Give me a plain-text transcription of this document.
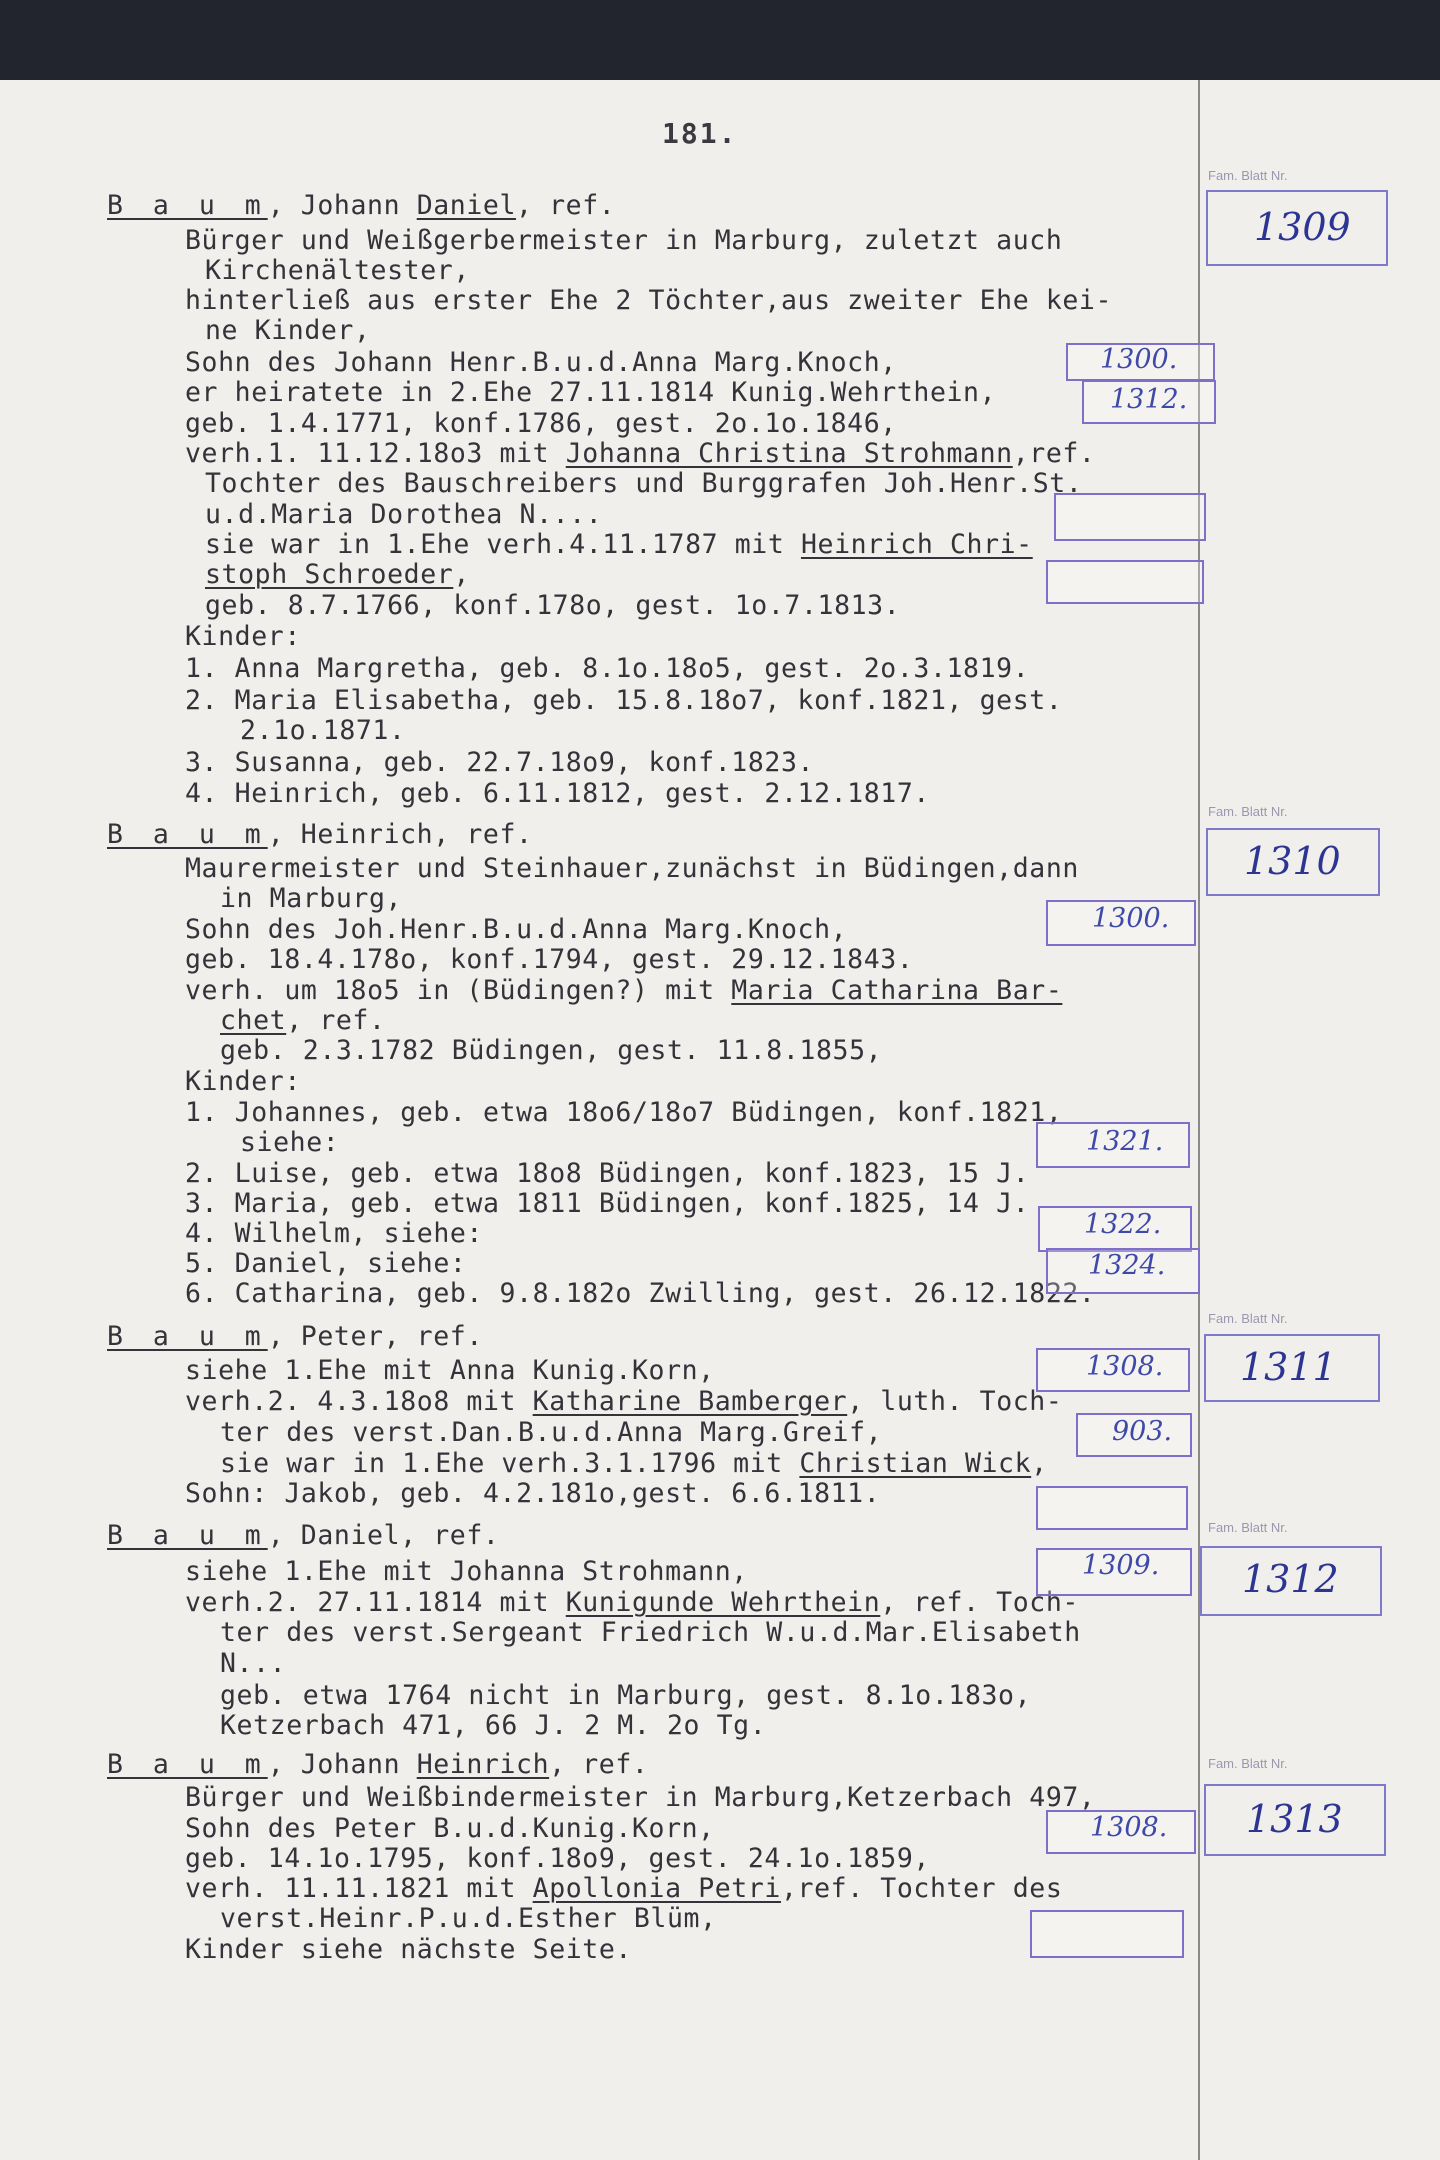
181.
B a u m, Johann Daniel, ref.
Bürger und Weißgerbermeister in Marburg, zuletzt auch
Kirchenältester,
hinterließ aus erster Ehe 2 Töchter,aus zweiter Ehe kei-
ne Kinder,
Sohn des Johann Henr.B.u.d.Anna Marg.Knoch,
er heiratete in 2.Ehe 27.11.1814 Kunig.Wehrthein,
geb. 1.4.1771, konf.1786, gest. 2o.1o.1846,
verh.1. 11.12.18o3 mit Johanna Christina Strohmann,ref.
Tochter des Bauschreibers und Burggrafen Joh.Henr.St.
u.d.Maria Dorothea N....
sie war in 1.Ehe verh.4.11.1787 mit Heinrich Chri-
stoph Schroeder,
geb. 8.7.1766, konf.178o, gest. 1o.7.1813.
Kinder:
1. Anna Margretha, geb. 8.1o.18o5, gest. 2o.3.1819.
2. Maria Elisabetha, geb. 15.8.18o7, konf.1821, gest.
2.1o.1871.
3. Susanna, geb. 22.7.18o9, konf.1823.
4. Heinrich, geb. 6.11.1812, gest. 2.12.1817.
B a u m, Heinrich, ref.
Maurermeister und Steinhauer,zunächst in Büdingen,dann
in Marburg,
Sohn des Joh.Henr.B.u.d.Anna Marg.Knoch,
geb. 18.4.178o, konf.1794, gest. 29.12.1843.
verh. um 18o5 in (Büdingen?) mit Maria Catharina Bar-
chet, ref.
geb. 2.3.1782 Büdingen, gest. 11.8.1855,
Kinder:
1. Johannes, geb. etwa 18o6/18o7 Büdingen, konf.1821,
siehe:
2. Luise, geb. etwa 18o8 Büdingen, konf.1823, 15 J.
3. Maria, geb. etwa 1811 Büdingen, konf.1825, 14 J.
4. Wilhelm, siehe:
5. Daniel, siehe:
6. Catharina, geb. 9.8.182o Zwilling, gest. 26.12.1822.
B a u m, Peter, ref.
siehe 1.Ehe mit Anna Kunig.Korn,
verh.2. 4.3.18o8 mit Katharine Bamberger, luth. Toch-
ter des verst.Dan.B.u.d.Anna Marg.Greif,
sie war in 1.Ehe verh.3.1.1796 mit Christian Wick,
Sohn: Jakob, geb. 4.2.181o,gest. 6.6.1811.
B a u m, Daniel, ref.
siehe 1.Ehe mit Johanna Strohmann,
verh.2. 27.11.1814 mit Kunigunde Wehrthein, ref. Toch-
ter des verst.Sergeant Friedrich W.u.d.Mar.Elisabeth
N...
geb. etwa 1764 nicht in Marburg, gest. 8.1o.183o,
Ketzerbach 471, 66 J. 2 M. 2o Tg.
B a u m, Johann Heinrich, ref.
Bürger und Weißbindermeister in Marburg,Ketzerbach 497,
Sohn des Peter B.u.d.Kunig.Korn,
geb. 14.1o.1795, konf.18o9, gest. 24.1o.1859,
verh. 11.11.1821 mit Apollonia Petri,ref. Tochter des
verst.Heinr.P.u.d.Esther Blüm,
Kinder siehe nächste Seite.
1300.
1312.
1300.
1321.
1322.
1324.
1308.
903.
1309.
1308.
Fam. Blatt Nr.
1309
Fam. Blatt Nr.
1310
Fam. Blatt Nr.
1311
Fam. Blatt Nr.
1312
Fam. Blatt Nr.
1313
